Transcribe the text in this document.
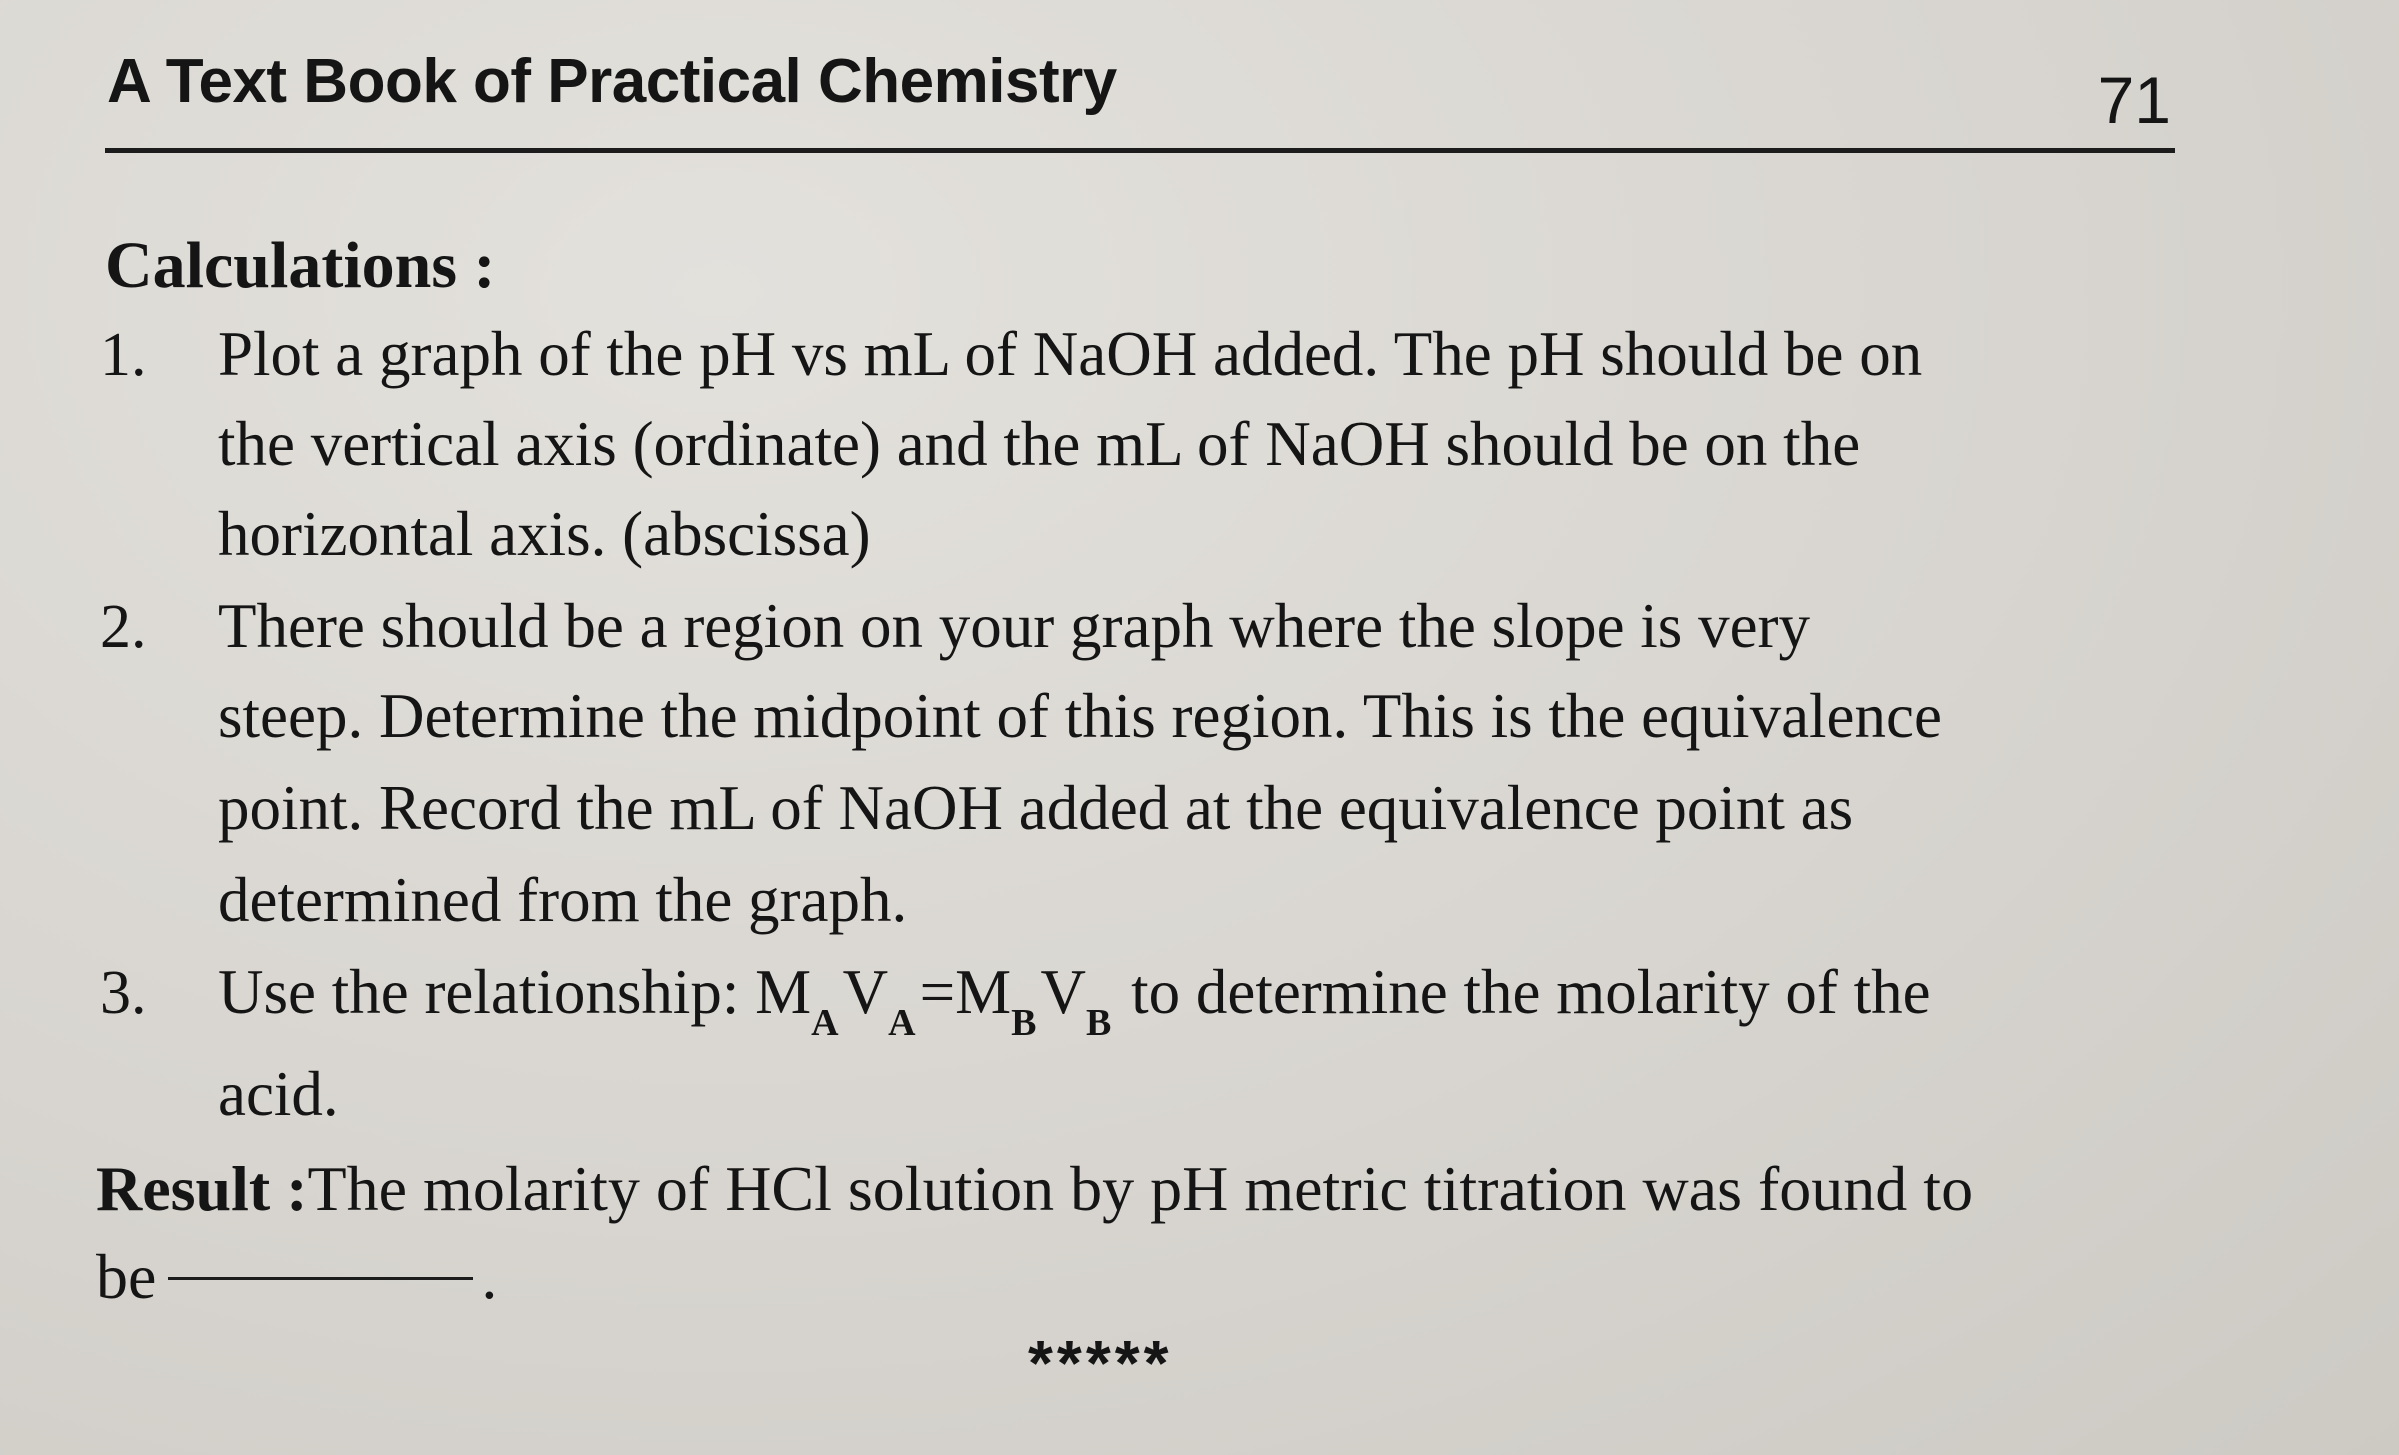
A Text Book of Practical Chemistry	71
Calculations :
1. Plot a graph of the pH vs mL of NaOH added. The pH should be on
the vertical axis (ordinate) and the mL of NaOH should be on the
horizontal axis. (abscissa)
2. There should be a region on your graph where the slope is very
steep. Determine the midpoint of this region. This is the equivalence
point. Record the mL of NaOH added at the equivalence point as
determined from the graph.
3. Use the relationship: $M_AV_A=M_BV_B$ to determine the molarity of the
acid.
Result :The molarity of HCl solution by pH metric titration was found to
be	.
*****
